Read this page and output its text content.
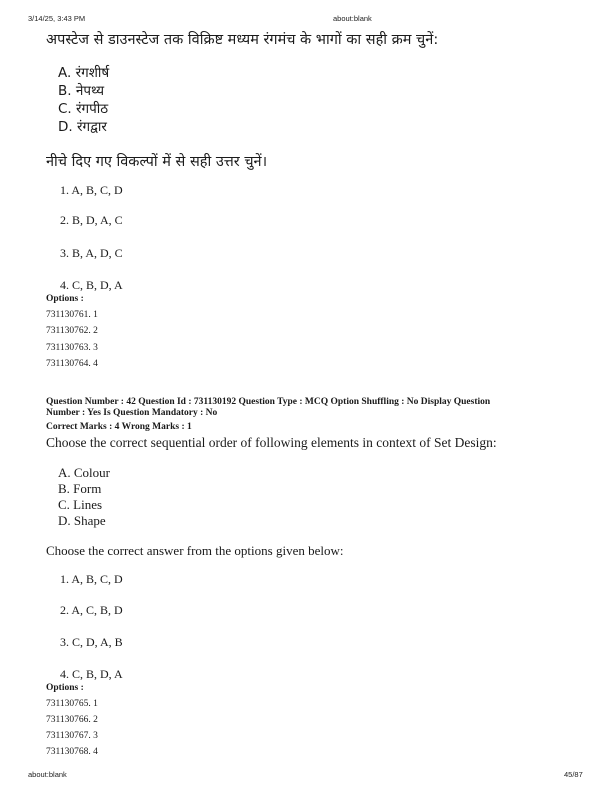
3/14/25, 3:43 PM	about:blank
अपस्टेज से डाउनस्टेज तक विक्रिष्ट मध्यम रंगमंच के भागों का सही क्रम चुनें:
A. रंगशीर्ष
B. नेपथ्य
C. रंगपीठ
D. रंगद्वार
नीचे दिए गए विकल्पों में से सही उत्तर चुनें।
1. A, B, C, D
2. B, D, A, C
3. B, A, D, C
4. C, B, D, A
Options :
731130761. 1
731130762. 2
731130763. 3
731130764. 4
Question Number : 42 Question Id : 731130192 Question Type : MCQ Option Shuffling : No Display Question
Number : Yes Is Question Mandatory : No
Correct Marks : 4 Wrong Marks : 1
Choose the correct sequential order of following elements in context of Set Design:
A. Colour
B. Form
C. Lines
D. Shape
Choose the correct answer from the options given below:
1. A, B, C, D
2. A, C, B, D
3. C, D, A, B
4. C, B, D, A
Options :
731130765. 1
731130766. 2
731130767. 3
731130768. 4
about:blank	45/87
